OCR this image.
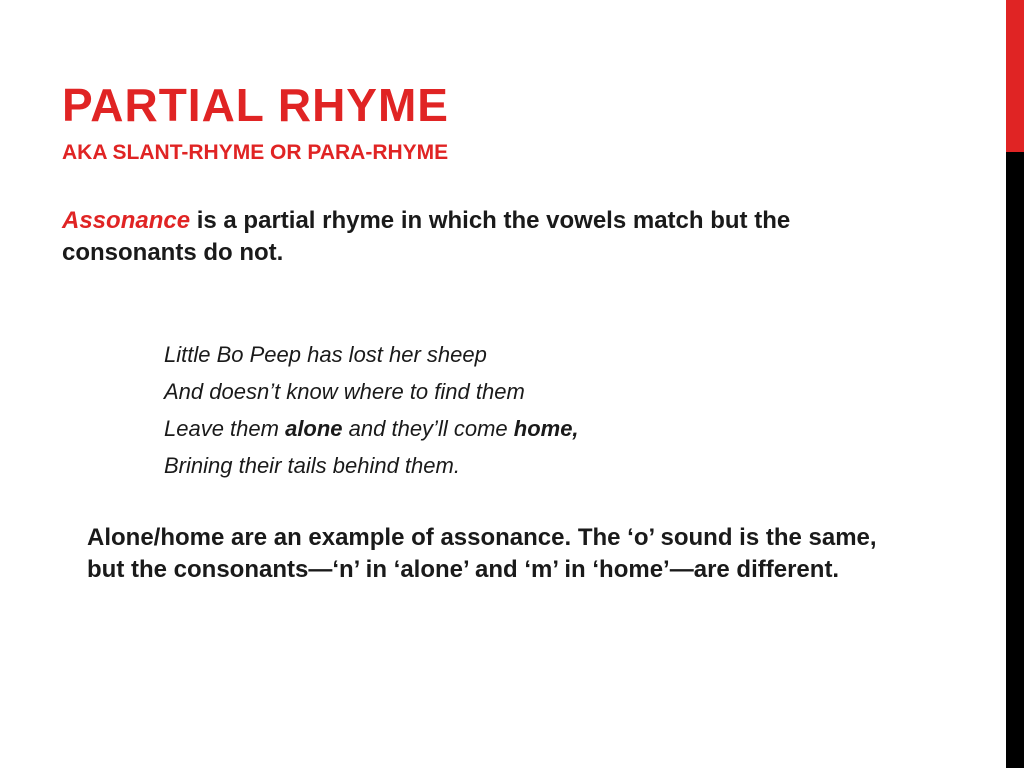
PARTIAL RHYME
AKA SLANT-RHYME OR PARA-RHYME

Assonance is a partial rhyme in which the vowels match but the consonants do not.

Little Bo Peep has lost her sheep
And doesn’t know where to find them
Leave them alone and they’ll come home,
Brining their tails behind them.

Alone/home are an example of assonance. The ‘o’ sound is the same, but the consonants—‘n’ in ‘alone’ and ‘m’ in ‘home’—are different.
